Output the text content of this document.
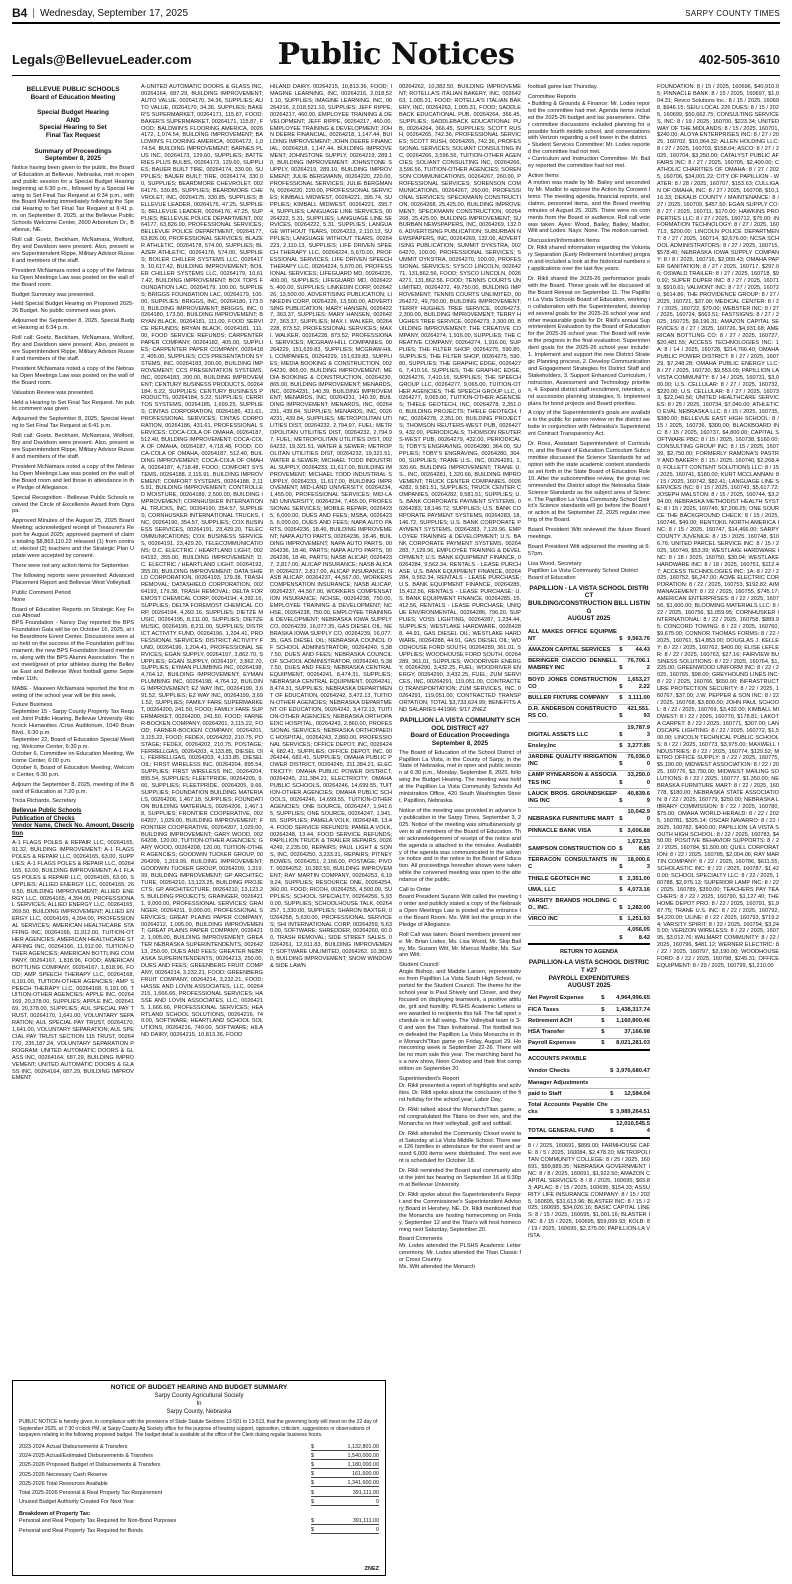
B4 | Wednesday, September 17, 2025	SARPY COUNTY TIMES
Legals@BellevueLeader.com	Public Notices	402-505-3610
BELLEVUE PUBLIC SCHOOLS
Board of Education Meeting

Special Budget Hearing
AND
Special Hearing to Set
Final Tax Request

Summary of Proceedings
September 8, 2025

Notice having been given to the public, the Board of Education at Bellevue, Nebraska, met in open and public session for a Special Budget Hearing beginning at 6:30 p.m., followed by a Special Hearing to Set Final Tax Request at 6:34 p.m., with the Board Meeting immediately following the Special Hearing to Set Final Tax Request at 6:41 p.m. on September 8, 2025, at the Bellevue Public Schools Welcome Center, 2600 Arboretum Dr., Bellevue, NE.

Roll call: Goetz, Beckham, McNamara, Wolford, Bry and Davidson were present. Also, present were Superintendent Rippe, Military Advisor Russell and members of the staff.

President McNamara noted a copy of the Nebraska Open Meetings Law was posted on the wall of the Board room.

Budget Summary was presented.

Held Special Budget Hearing on Proposed 2025-26 Budget. No public comment was given.

Adjourned the September 8, 2025, Special Budget Hearing at 6:34 p.m.

Roll call: Goetz, Beckham, McNamara, Wolford, Bry and Davidson were present. Also, present were Superintendent Rippe, Military Advisor Russell and members of the staff.

President McNamara noted a copy of the Nebraska Open Meetings Law was posted on the wall of the Board room.

Valuation Review was presented.

Held a Hearing to Set Final Tax Request. No public comment was given.

Adjourned the September 8, 2025, Special Hearing to Set Final Tax Request at 6:41 p.m.

Roll call: Goetz, Beckham, McNamara, Wolford, Bry and Davidson were present. Also, present were Superintendent Rippe, Military Advisor Russell and members of the staff.

President McNamara noted a copy of the Nebraska Open Meetings Law was posted on the wall of the Board room and led those in attendance in the Pledge of Allegiance.

Special Recognition - Bellevue Public Schools received the Circle of Excellence Award from Ograpa.

Approved Minutes of the August 25, 2025 Board Meeting; acknowledged receipt of Treasurer's Report for August 2025; approved payment of claims totaling $8,863,110.22 released (1) from contract; elected (2) teachers and the Strategic Plan Update were accepted by consent.

There were not any action items for September.

The following reports were presented: Advanced Placement Report and Bellevue West Volleyball.

Public Comment Period
None

Board of Education Reports on Strategic Key Focus Abroad
BPS Foundation - Nancy Day reported the BPS Foundation Gala will be on October 16, 2025, at the Beardmore Event Center. Discussions were also held on the success of the Foundation golf tournament, the new BPS Foundation board members, along with the BPS Alumni Association. The next meet/greet of prior athletes during the Bellevue East and Bellevue West football game September 11th.

MABE - Maureen McNamara reported the first meeting of the school year will be this week.

Future Business
September 15 - Sarpy County Property Tax Request Joint Public Hearing, Bellevue University Hitchcock Humanities /Criss Auditorium, 1040 Bruin Blvd., 6:30 p.m.
September 22, Board of Education Special Meeting, Welcome Center, 6:30 p.m.
October 6, Committee on Education Meeting, Welcome Center, 6:00 p.m.
October 6, Board of Education Meeting, Welcome Center, 6:30 p.m.

Adjourn the September 8, 2025, meeting of the Board of Education at 7:20 p.m.

Tricia Richards, Secretary

Bellevue Public Schools
Publication of Checks
Vendor Name, Check No. Amount, Description

A-1 FLAGS POLES & REPAIR LLC, 00264165, 91.32, BUILDING IMPROVEMENT; A-1 FLAGS POLES & REPAIR LLC, 00264165, 63.00, SUPPLIES; A-1 FLAGS POLES & REPAIR LLC, 00264165, 63.00, BUILDING IMPROVEMENT; A-1 FLAGS POLES & REPAIR LLC, 00264165, 63.00, SUPPLIES; ALLIED ENERGY LLC, 00264165, 269.50, BUILDING IMPROVEMENT; ALLIED ENERGY LLC, 00264165, 4,394.00, PROFESSIONAL SERVICES; ALLIED ENERGY LLC, 00264165, 269.50, BUILDING IMPROVEMENT; ALLIED ENERGY LLC, 00264165, 4,394.00, PROFESSIONAL SERVICES; AMERICAN HEALTHCARE STAFFING INC, 00264166, 11,912.00, TUITION-OTHER AGENCIES; AMERICAN HEALTHCARE STAFFING INC, 00264166, 11,912.00, TUITION-OTHER AGENCIES; AMERICAN BOTTLING COMPANY, 00264167, 1,818.96, FOOD; AMERICAN BOTTLING COMPANY, 00264167, 1,818.96, FOOD; AMP SPEECH THERAPY LLC, 00264168, 6,191.00, TUITION-OTHER AGENCIES; AMP SPEECH THERAPY LLC, 00264168, 6,191.00, TUITION-OTHER AGENCIES; APPLE INC, 00264169, 20,378.00, SUPPLIES; APPLE INC, 00264169, 20,378.00, SUPPLIES; AUL SPECIAL PAY TRUST, 00264170, 1,641.00, VOLUNTARY SEPARATION; AUL SPECIAL PAY TRUST, 00264170, 1,641.00, VOLUNTARY SEPARATION; AUL SPECIAL PAY TRUST SECTION 115 TRUST, 00264170, 235,187.24, VOLUNTARY SEPARATION PROGRAM; UNITED AUTOMATIC DOORS & GLASS INC, 00264164, 687.29, BUILDING IMPROVEMENT; UNITED AUTOMATIC DOORS & GLASS INC, 00264164, 687.29, BUILDING IMPROVEMENT

A-UNITED AUTOMATIC DOORS & GLASS INC, 00264164, 687.29, BUILDING IMPROVEMENT; AUTO VALUE, 00264170, 34.36, SUPPLIES; AUTO VALUE, 00264170, 34.36, SUPPLIES; BAKER'S SUPERMARKET, 00264171, 115.87, FOOD; BAKER'S SUPERMARKET, 00264171, 115.87, FOOD; BALDWIN'S FLOORING AMERICA, 00264172, 1,074.54, BUILDING IMPROVEMENT; BALDWIN'S FLOORING AMERICA, 00264172, 1,074.54, BUILDING IMPROVEMENT; BARNES PLUS INC, 00264173, 129.60, SUPPLIES; BATTERIES PLUS BULBS, 00264173, 129.60, SUPPLIES; BAUER BUILT TIRE, 00264174, 330.00, SUPPLIES; BAUER BUILT TIRE, 00264174, 330.00, SUPPLIES; BEARDMORE CHEVROLET, 00264175, 330.85, SUPPLIES; BEARDMORE CHEVROLET, INC, 00264175, 330.85, SUPPLIES; BELLEVUE LEADER, 00264176, 47.25, SUPPLIES; BELLEVUE LEADER, 00264176, 47.25, SUPPLIES; BELLEVUE POLICE DEPARTMENT, 00264177, 63,826.00, PROFESSIONAL SERVICES; BELLEVUE POLICE DEPARTMENT, 00264177, 63,826.00, PROFESSIONAL SERVICES; BLAZER ATHLETIC, 00264178, 574.00, SUPPLIES; BLAZER ATHLETIC, 00264178, 574.00, SUPPLIES; BOILER CHILLER SYSTEMS LLC, 00264179, 10,617.42, BUILDING IMPROVEMENT; BOILER CHILLER SYSTEMS LLC, 00264179, 10,617.42, BUILDING IMPROVEMENT; BOX TOPS FOUNDATION LAC, 00264179, 100.00, SUPPLIES; BRIGGS FOUNDATION LAC, 00264179, 100.00, SUPPLIES; BRIGGS, INC, 00264180, 173.50, BUILDING IMPROVEMENT; BRIGGS, INC, 00264180, 173.50, BUILDING IMPROVEMENT; BRYAN BLACK, 00264181, 111.00, FOOD SERVICE REFUNDS; BRYAN BLACK, 00264181, 111.00, FOOD SERVICE REFUNDS; CARPENTER PAPER COMPANY, 00264182, 405.00, SUPPLIES; CARPENTER PAPER COMPANY, 00264182, 405.00, SUPPLIES; CCS PRESENTATION SYSTEMS, INC, 00264183, 200.00, BUILDING IMPROVEMENT; CCS PRESENTATION SYSTEMS, INC, 00264183, 200.00, BUILDING IMPROVEMENT; CENTURY BUSINESS PRODUCTS, 00264184, 5.22, SUPPLIES; CENTURY BUSINESS PRODUCTS, 00264184, 5.22, SUPPLIES; CERRITOS SYSTEMS, 00264185, 1,699.25, SUPPLIES; CINTAS CORPORATION, 00264186, 431.61, PROFESSIONAL SERVICES; CINTAS CORPORATION, 00264186, 431.61, PROFESSIONAL SERVICES; COCA-COLA OF OMAHA, 00264187, 512.40, BUILDING IMPROVEMENT; COCA-COLA OF OMAHA, 00264187, 4,718.48, FOOD; COCA-COLA OF OMAHA, 00264187, 512.40, BUILDING IMPROVEMENT; COCA-COLA OF OMAHA, 00264187, 4,718.48, FOOD; COMFORT SYSTEMS, 00264188, 2,115.91, BUILDING IMPROVEMENT; COMFORT SYSTEMS, 00264188, 2,115.91, BUILDING IMPROVEMENT; CONTROLLED MOISTURE, 00264189, 2,500.00, BUILDING IMPROVEMENT; CORNHUSKER INTERNATIONAL TRUCKS, INC, 00264190, 354.57, SUPPLIES; CORNHUSKER INTERNATIONAL TRUCKS, INC, 00264190, 354.57, SUPPLIES; COX BUSINESS SERVICES, 00264191, 23,429.20, TELECOMMUNICATIONS; COX BUSINESS SERVICES, 00264191, 23,429.20, TELECOMMUNICATIONS; D.C. ELECTRIC / HEARTLAND LIGHT, 00264192, 355.00, BUILDING IMPROVEMENT; D.C. ELECTRIC / HEARTLAND LIGHT, 00264192, 355.00, BUILDING IMPROVEMENT; DATA SHIELD CORPORATION, 00264193, 179.38, TRASH REMOVAL; DATASHIELD CORPORATION, 00264193, 179.38, TRASH REMOVAL; DELTA FOREMOST CHEMICAL CORP, 00264194, 4,392.16, SUPPLIES; DELTA FOREMOST CHEMICAL CORP, 00264194, 4,392.16, SUPPLIES; DIETZE MUSIC, 00264195, 8,211.00, SUPPLIES; DIETZE MUSIC, 00264195, 8,211.00, SUPPLIES; DISTRICT ACTIVITY FUND, 00264196, 1,204.41, PROFESSIONAL SERVICES; DISTRICT ACTIVITY FUND, 00264196, 1,204.41, PROFESSIONAL SERVICES; EGAN SUPPLY, 00264197, 3,862.70, SUPPLIES; EGAN SUPPLY, 00264197, 3,862.70, SUPPLIES; EYMAN PLUMBING INC, 00264198, 4,764.12, BUILDING IMPROVEMENT; EYMAN PLUMBING INC, 00264198, 4,764.12, BUILDING IMPROVEMENT; EZ WAY INC, 00264199, 3,691.52, SUPPLIES; EZ WAY INC, 00264199, 3,691.52, SUPPLIES; FAMILY FARE SUPERMARKET, 00264200, 241.50, FOOD; FAMILY FARE SUPERMARKET, 00264200, 241.50, FOOD; FARNER-BOCKEN COMPANY, 00264201, 3,115.22, FOOD; FARNER-BOCKEN COMPANY, 00264201, 3,115.22, FOOD; FEDEX, 00264202, 210.75, POSTAGE; FEDEX, 00264202, 210.75, POSTAGE; FERRELLGAS, 00264203, 4,133.85, DIESEL OIL; FERRELLGAS, 00264203, 4,133.85, DIESEL OIL; FIRST WIRELESS INC, 00264204, 895.54, SUPPLIES; FIRST WIRELESS INC, 00264204, 895.54, SUPPLIES; FLEETPRIDE, 00264205, 9.66, SUPPLIES; FLEETPRIDE, 00264205, 9.66, SUPPLIES; FOUNDATION BUILDING MATERIALS, 00264206, 1,467.18, SUPPLIES; FOUNDATION BUILDING MATERIALS, 00264206, 1,467.18, SUPPLIES; FRONTIER COOPERATIVE, 00264207, 1,029.00, BUILDING IMPROVEMENT; FRONTIER COOPERATIVE, 00264207, 1,029.00, BUILDING IMPROVEMENT; GARY WOOD, 00264208, 120.00, TUITION-OTHER AGENCIES; GARY WOOD, 00264208, 120.00, TUITION-OTHER AGENCIES; GOODWIN TUCKER GROUP, 00264209, 1,319.99, BUILDING IMPROVEMENT; GOODWIN TUCKER GROUP, 00264209, 1,319.99, BUILDING IMPROVEMENT; GP ARCHITECTURE, 00264210, 13,123.25, BUILDING PROJECTS; GP ARCHITECTURE, 00264210, 13,123.25, BUILDING PROJECTS; GRAINGER, 00264211, 9,000.00, PROFESSIONAL SERVICES; GRAINGER, 00264211, 9,000.00, PROFESSIONAL SERVICES; GREAT PLAINS PAPER COMPANY, 00264212, 1,005.00, BUILDING IMPROVEMENT; GREAT PLAINS PAPER COMPANY, 00264212, 1,005.00, BUILDING IMPROVEMENT; GREATER NEBRASKA SUPERINTENDENTS, 00264213, 250.00, DUES AND FEES; GREATER NEBRASKA SUPERINTENDENTS, 00264213, 250.00, DUES AND FEES; GREENBERG FRUIT COMPANY, 00264214, 3,232.21, FOOD; GREENBERG FRUIT COMPANY, 00264214, 3,232.21, FOOD; HASSE AND LOVIN ASSOCIATES, LLC, 00264215, 1,666.66, PROFESSIONAL SERVICES; HASSE AND LOVIN ASSOCIATES, LLC, 00264215, 1,666.66, PROFESSIONAL SERVICES; HEARTLAND SCHOOL SOLUTIONS, 00264216, 749.00, SOFTWARE; HEARTLAND SCHOOL SOLUTIONS, 00264216, 749.00, SOFTWARE; HILAND DAIRY, 00264215, 10,813.36, FOOD

HILAND DAIRY, 00264215, 10,813.36, FOOD; IMAGINE LEARNING, INC, 00264216, 2,018,521.10, SUPPLIES; IMAGINE LEARNING, INC, 00264216, 2,018,521.10, SUPPLIES; JEFF RIPPE, 00264217, 460.00, EMPLOYEE TRAINING & DEVELOPMENT; JEFF RIPPE, 00264217, 460.00, EMPLOYEE TRAINING & DEVELOPMENT; JOHN DEERE FINANCIAL, 00264218, 1,147.44, BUILDING IMPROVEMENT; JOHN DEERE FINANCIAL, 00264218, 1,147.44, BUILDING IMPROVEMENT; JOHNSTONE SUPPLY, 00264219, 289.10, BUILDING IMPROVEMENT; JOHNSTONE SUPPLY, 00264219, 289.10, BUILDING IMPROVEMENT; JULIE BERGMANN, 00264220, 220.00, PROFESSIONAL SERVICES; JULIE BERGMANN, 00264220, 220.00, PROFESSIONAL SERVICES; KIMBALL MIDWEST, 00264221, 395.74, SUPPLIES; KIMBALL MIDWEST, 00264221, 395.74, SUPPLIES; LANGUAGE LINE SERVICES, 00264222, 5.31, SUPPLIES; LANGUAGE LINE SERVICES, 00264222, 5.31, SUPPLIES; LANGUAGE WITHOUT TEARS, 00264223, 2,110.13, SUPPLIES; LANGUAGE WITHOUT TEARS, 00264223, 2,110.13, SUPPLIES; LIFE DRIVEN SPEECH THERAPY LLC, 00264224, 5,670.00, PROFESSIONAL SERVICES; LIFE DRIVEN SPEECH THERAPY LLC, 00264224, 5,670.00, PROFESSIONAL SERVICES; LIFEGUARD MD, 00264225, 400.00, SUPPLIES; LIFEGUARD MD, 00264225, 400.00, SUPPLIES; LINKEDIN CORP, 00264226, 13,500.00, ADVERTISING PUBLICATION; LINKEDIN CORP, 00264226, 13,500.00, ADVERTISING PUBLICATION; MARY HANSEN, 00264227, 363.37, SUPPLIES; MARY HANSEN, 00264227, 363.37, SUPPLIES; MAX I. WALKER, 00264228, 873.52, PROFESSIONAL SERVICES; MAX I. WALKER, 00264228, 873.52, PROFESSIONAL SERVICES; MCGRAW-HILL COMPANIES, 00264229, 151,639.83, SUPPLIES; MCGRAW-HILL COMPANIES, 00264229, 151,639.83, SUPPLIES; MEDIA BOOKING & CONSTRUCTION, 00264230, 865.00, BUILDING IMPROVEMENT; MEDIA BOOKING & CONSTRUCTION, 00264230, 865.00, BUILDING IMPROVEMENT; MENARDS, INC, 00264231, 140.39, BUILDING IMPROVEMENT; MENARDS, INC, 00264231, 140.39, BUILDING IMPROVEMENT; MENARDS, INC, 00264231, 439.84, SUPPLIES; MENARDS, INC, 00264231, 439.84, SUPPLIES; METROPOLITAN UTILITIES DIST, 00264232, 2,794.97, FUEL; METROPOLITAN UTILITIES DIST, 00264232, 2,794.97, FUEL; METROPOLITAN UTILITIES DIST, 00264232, 19,321.51, WATER & SEWER; METROPOLITAN UTILITIES DIST, 00264232, 19,321.51, WATER & SEWER; MICHAEL TODD INDUSTRIAL SUPPLY, 00264233, 11,617.00, BUILDING IMPROVEMENT; MICHAEL TODD INDUSTRIAL SUPPLY, 00264233, 11,617.00, BUILDING IMPROVEMENT; MID-LAND UNIVERSITY, 00264234, 1,455.00, PROFESSIONAL SERVICES; MID-LAND UNIVERSITY, 00264234, 7,455.00, PROFESSIONAL SERVICES; MOBILE REPAIR, 00264235, 6,000.00, DUES AND FEES; MSBA, 00264235, 6,000.00, DUES AND FEES; NAPA AUTO PARTS, 00264236, 18.46, BUILDING IMPROVEMENT; NAPA AUTO PARTS, 00264236, 18.46, BUILDING IMPROVEMENT; NAPA AUTO PARTS, 00264236, 18.46, PARTS; NAPA AUTO PARTS, 00264236, 18.46, PARTS; NASB ALICAP, 00264237, 2,817.00, ALICAP INSURANCE; NASB ALICAP, 00264237, 2,817.00, ALICAP INSURANCE; NASB ALICAP, 00264237, 44,567.00, WORKERS COMPENSATION INSURANCE; NASB ALICAP, 00264237, 44,567.00, WORKERS COMPENSATION INSURANCE; NCHSE, 00264238, 750.00, EMPLOYEE TRAINING & DEVELOPMENT; NCHSE, 00264238, 750.00, EMPLOYEE TRAINING & DEVELOPMENT; NEBRASKA IOWA SUPPLY CO, 00264239, 16,077.35, GAS DIESEL OIL; NEBRASKA IOWA SUPPLY CO, 00264239, 16,077.35, GAS DIESEL OIL; NEBRASKA COUNCIL OF SCHOOL ADMINISTRATOR, 00264240, 5,387.50, DUES AND FEES; NEBRASKA COUNCIL OF SCHOOL ADMINISTRATOR, 00264240, 5,387.50, DUES AND FEES; NEBRASKA CENTRAL EQUIPMENT, 00264241, 8,474.31, SUPPLIES; NEBRASKA CENTRAL EQUIPMENT, 00264241, 8,474.31, SUPPLIES; NEBRASKA DEPARTMENT OF EDUCATION, 00264242, 3,472.13, TUITION-OTHER AGENCIES; NEBRASKA DEPARTMENT OF EDUCATION, 00264242, 3,472.13, TUITION-OTHER AGENCIES; NEBRASKA ORTHOPAEDIC HOSPITAL, 00264243, 2,860.00, PROFESSIONAL SERVICES; NEBRASKA ORTHOPAEDIC HOSPITAL, 00264243, 2,860.00, PROFESSIONAL SERVICES; OFFICE DEPOT, INC, 00264244, 682.41, SUPPLIES; OFFICE DEPOT, INC, 00264244, 682.41, SUPPLIES; OMAHA PUBLIC POWER DISTRICT, 00264245, 211,384.21, ELECTRICITY; OMAHA PUBLIC POWER DISTRICT, 00264245, 211,384.21, ELECTRICITY; OMAHA PUBLIC SCHOOLS, 00264246, 14,699.55, TUITION-OTHER AGENCIES; OMAHA PUBLIC SCHOOLS, 00264246, 14,699.55, TUITION-OTHER AGENCIES; ONE SOURCE, 00264247, 1,941.65, SUPPLIES; ONE SOURCE, 00264247, 1,941.65, SUPPLIES; PAMELA VOLK, 00264248, 13.44, FOOD SERVICE REFUNDS; PAMELA VOLK, 00264248, 13.44, FOOD SERVICE REFUNDS; PAPILLION TRUCK & TRAILER REPAIRS, 00264249, 2,235.00, REPAIRS; PAUL LIGHT & SONS, INC, 00264250, 3,233.31, REPAIRS; PITNEY BOWES, 00264251, 2,166.00, POSTAGE; PIVOT, 00264252, 10,382.50, BUILDING IMPROVEMENT; RAY MARTIN COMPANY, 00264253, 6,199.24, SUPPLIES; RESOURCE ONE, 00264254, 360.00, FOOD; RICOH, 00264255, 4,500.00, SUPPLIES; SCHOOL SPECIALTY, 00264256, 5,930.00, SUPPLIES; SCHOOLHOUSE TALK, 00264257, 1,330.00, SUPPLIES; SHARON BAXTER, 00264258, 5,630.00, PROFESSIONAL SERVICES; SHI INTERNATIONAL CORP, 00264259, 5,630.00, SOFTWARE; SHREDDER, 00264260, 60.00, TRASH REMOVAL; SIDE STREET SALES, 00264261, 12,911.83, BUILDING IMPROVEMENT; SOFTWARE UNLIMITED, 00264262, 10,382.50, BUILDING IMPROVEMENT; SNOW WINDOW & SIDE LAWN

00264262, 10,382.50, BUILDING IMPROVEMENT; ROTELLA'S ITALIAN BAKERY, INC, 00264263, 1,005.31, FOOD; ROTELLA'S ITALIAN BAKERY, INC, 00264263, 1,005.31, FOOD; SADDLEBACK EDUCATIONAL PUB, 00264264, 366.45, SUPPLIES; SADDLEBACK EDUCATIONAL PUB, 00264264, 366.45, SUPPLIES; SCOTT RUSH, 00264265, 742.36, PROFESSIONAL SERVICES; SCOTT RUSH, 00264265, 742.36, PROFESSIONAL SERVICES; SOLIANT CONSULTING INC, 00264266, 3,596.56, TUITION-OTHER AGENCIES; SOLIANT CONSULTING INC, 00264266, 3,596.56, TUITION-OTHER AGENCIES; SORENSON COMMUNICATIONS, 00264267, 260.00, PROFESSIONAL SERVICES; SORENSON COMMUNICATIONS, 00264267, 260.00, PROFESSIONAL SERVICES; SPECKMANN CONSTRUCTION, 00264268, 25,425.00, BUILDING IMPROVEMENT; SPECKMANN CONSTRUCTION, 00264268, 25,425.00, BUILDING IMPROVEMENT; SUBURBAN NEWSPAPERS, INC, 00264269, 132.06, ADVERTISING PUBLICATION; SUBURBAN NEWSPAPERS, INC, 00264269, 132.06, ADVERTISING PUBLICATION; SUMMIT DYKSTRA, 00264270, 100.00, PROFESSIONAL SERVICES; SUMMIT DYKSTRA, 00264270, 100.00, PROFESSIONAL SERVICES; SYSCO LINCOLN, 00264271, 131,862.56, FOOD; SYSCO LINCOLN, 00264271, 131,862.56, FOOD; TENNIS COURTS UNLIMITED, 00264272, 49,750.00, BUILDING IMPROVEMENT; TENNIS COURTS UNLIMITED, 00264272, 49,750.00, BUILDING IMPROVEMENT; TERRY HUGHES TREE SERVICE, 00264273, 2,300.00, BUILDING IMPROVEMENT; TERRY HUGHES TREE SERVICE, 00264273, 2,300.00, BUILDING IMPROVEMENT; THE CREATIVE COMPANY, 00264274, 1,916.00, SUPPLIES; THE CREATIVE COMPANY, 00264274, 1,916.00, SUPPLIES; THE FILTER SHOP, 00264275, 590.80, SUPPLIES; THE FILTER SHOP, 00264275, 590.80, SUPPLIES; THE GRAPHIC EDGE, 00264276, 7,410.16, SUPPLIES; THE GRAPHIC EDGE, 00264276, 7,410.16, SUPPLIES; THE SPEECH GROUP LLC, 00264277, 9,065.00, TUITION-OTHER AGENCIES; THE SPEECH GROUP LLC, 00264277, 9,065.00, TUITION-OTHER AGENCIES; THIELE GEOTECH, INC, 00264278, 2,351.00, BUILDING PROJECTS; THIELE GEOTECH, INC, 00264278, 2,351.00, BUILDING PROJECTS; THOMSON REUTERS-WEST PUB, 00264279, 432.00, PERIODICALS; THOMSON REUTERS-WEST PUB, 00264279, 432.00, PERIODICALS; TOBY'S ENGRAVING, 00264280, 364.00, SUPPLIES; TOBY'S ENGRAVING, 00264280, 364.00, SUPPLIES; TRANE U.S., INC, 00264281, 1,320.66, BUILDING IMPROVEMENT; TRANE U.S., INC, 00264281, 1,320.66, BUILDING IMPROVEMENT; TRUCK CENTER COMPANIES, 00264282, 9,581.51, SUPPLIES; TRUCK CENTER COMPANIES, 00264282, 9,581.51, SUPPLIES; U.S. BANK CORPORATE PAYMENT SYSTEMS, 00264283, 18,146.72, SUPPLIES; U.S. BANK CORPORATE PAYMENT SYSTEMS, 00264283, 18,146.72, SUPPLIES; U.S. BANK CORPORATE PAYMENT SYSTEMS, 00264283, 7,129.96, EMPLOYEE TRAINING & DEVELOPMENT; U.S. BANK CORPORATE PAYMENT SYSTEMS, 00264283, 7,129.96, EMPLOYEE TRAINING & DEVELOPMENT; U.S. BANK EQUIPMENT FINANCE, 00264284, 9,562.34, RENTALS - LEASE PURCHASE; U.S. BANK EQUIPMENT FINANCE, 00264284, 9,562.34, RENTALS - LEASE PURCHASE; U.S. BANK EQUIPMENT FINANCE, 00264285, 15,412.56, RENTALS - LEASE PURCHASE; U.S. BANK EQUIPMENT FINANCE, 00264285, 15,412.56, RENTALS - LEASE PURCHASE; UNIQUE ENVIRONMENTAL, 00264286, 796.20, SUPPLIES; VOSS LIGHTING, 00264287, 1,234.44, SUPPLIES; WESTLAKE HARDWARE, 00264288, 44.91, GAS DIESEL OIL; WESTLAKE HARDWARE, 00264288, 44.91, GAS DIESEL OIL; WOODHOUSE FORD SOUTH, 00264289, 361.01, SUPPLIES; WOODHOUSE FORD SOUTH, 00264289, 361.01, SUPPLIES; WOODRIVER ENERGY, 00264290, 3,432.25, FUEL; WOODRIVER ENERGY, 00264290, 3,432.25, FUEL; ZUM SERVICES, INC, 00264291, 119,051.00, CONTRACTED TRANSPORTATION; ZUM SERVICES, INC, 00264291, 119,051.00, CONTRACTED TRANSPORTATION; TOTAL $3,733,624.99; BENEFITS AND SALARIES 441966: 9/17 ZNEZ

PAPILLION LA VISTA COMMUNITY SCHOOL DISTRICT #27
Board of Education Proceedings
September 8, 2025

The Board of Education of the School District of Papillion La Vista, in the County of Sarpy, in the State of Nebraska, met in open and public session at 6:30 p.m., Monday, September 8, 2025, following the Budget Hearing. The meeting was held at the Papillion La Vista Community Schools Administration Office, 420 South Washington Street, Papillion, Nebraska.

Notice of the meeting was provided in advance by publication in the Sarpy Times, September 3, 2025. Notice of the meeting was simultaneously given to all members of the Board of Education. Their acknowledgement of receipt of the notice and the agenda is attached to the minutes. Availability of the agenda was communicated in the advance notice and in the notice to the Board of Education. All proceedings hereafter shown were taken while the convened meeting was open to the attendance of the public.

Call to Order
Board President Suzann Witt called the meeting to order and publicly stated a copy of the Nebraska Open Meetings Law is posted at the entrance to the Board Room. Ms. Witt led the group in the Pledge of Allegiance.

Roll Call was taken. Board members present were: Mr. Brian Lodes, Ms. Lisa Wood, Mr. Skip Bailey, Ms. Suzann Witt, Mr. Marcus Madlor, Ms. Suzann Witt.

Student Council
Angie Bishop, and Maddie Larsen, representatives from Papillion La Vista South High School, reported for the Student Council. The theme for the school year is Paul Shively and Clover, and they focused on displaying teamwork, a positive attitude, grit and humility. PLSHS Academic Letters were awarded to recipients this fall. The fall sport schedule is in full swing. The Volleyball team is 3-0 and won the Titan Invitational. The football team defeated the Papillion La Vista Monarchs in the Monarch/Titan game on Friday, August 29. Homecoming week is September 22-26. There will be no mum sale this year. The marching band has a new show, Neon Cowboy and their first competition on September 20.

Superintendent's Report
Dr. Rikli presented a report of highlights and activities. Dr. Rikli spoke about the conclusion of the first holiday for the school year, Labor Day.

Dr. Rikli talked about the Monarch/Titan game, and congratulated the Titans on their win, and the Monarchs on their volleyball, golf and softball.

Dr. Rikli attended the Community Closet event last Saturday at La Vista Middle School. There were 126 families in attendance for the event and around 6,000 items were distributed. The next event is scheduled for October 18.

Dr. Rikli reminded the Board and community about the joint tax hearing on September 16 at 6:30pm at Bellevue University.

Dr. Rikli spoke about the Superintendent's Report and the Commissioner's Superintendent Advisory Board in Hershey, NE. Dr. Rikli mentioned that the Monarchs are hosting homecoming on Friday, September 12 and the Titan's will host homecoming next Saturday, September 20.

Board Comments
Mr. Lodes attended the PLSHS Academic Letter ceremony. Mr. Lodes attended the Titan Classic for Cross Country.
Ms. Witt attended the Monarch

football game last Thursday.

Committee Reports
• Building & Grounds & Finance: Mr. Lodes reported the committee had met. Agenda items included the 2025-26 budget and tax parameters. Other committee discussions included planning for a possible fourth middle school, and conversations with Verizon regarding a cell tower in the district.
• Student Services Committee: Mr. Lodes reported the committee had not met.
• Curriculum and Instruction Committee: Mr. Bailey reported the committee had not met.

Action Items
A motion was made by Mr. Bailey and seconded by Mr. Madlor to approve the Action by Consent Items: The meeting agenda, financial reports, and claims, personnel items, and the Board meeting minutes of August 25, 2025. There were no comments from the Board or audience. Roll call vote was taken. Ayes: Wood, Bailey, Bailey, Madlor, Witt and Lodes. Nays: None. The motion carried.

Discussion/Information Items
Dr. Rikli shared information regarding the Voluntary Separation (Early Retirement Incentive) program and included a look at the historical numbers of applications over the last five years.

Dr. Rikli shared the 2025-26 performance goals with the Board. These goals will be discussed at the Board Retreat on September 11. The Papillion La Vista Schools Board of Education, working in collaboration with the Superintendent, developed several goals for the 2025-26 school year and other measurable goals for Dr. Rikli's annual Superintendent Evaluation by the Board of Education for the 2025-26 school year. The Board will review the progress in the final evaluation. Superintendent goals for the 2025-26 school year include: 1. Implement and support the new District Strategic Planning process, 2. Develop Communication and Engagement Strategies for District Staff and Stakeholders, 3. Support Enhanced Curriculum, Instruction, Assessment and Technology priorities, 4. Expand district staff recruitment, retention, and succession planning strategies, 5. Implement plans for bond projects and Board priorities.

A copy of the Superintendent's goals are available to the public for patron review on the district website in conjunction with Nebraska's Superintendent Contract Transparency Act.

Dr. Ross, Assistant Superintendent of Curriculum, and the Board of Education Curriculum Subcommittee discussed the Science Standards for adoption with the state academic content standards as set forth in the State Board of Education Rule 10. After the subcommittee review, the group recommended the District adopt the Nebraska State Science Standards as the subject area of Science. The Papillion La Vista Community School District's Science standards will go before the Board for action at the September 22, 2025 regular meeting of the Board.

Board President Witt reviewed the future Board meetings.

Board President Witt adjourned the meeting at 6:57pm.

Lisa Wood, Secretary
Papillion La Vista Community School District
Board of Education

PAPILLION - LA VISTA SCHOOL DISTRICT
BUILDING/CONSTRUCTION BILL LISTING
AUGUST 2025
ALL MAKES OFFICE EQUIPMENT	$	9,563.76
AMAZON CAPITAL SERVICES	$	44.43
BERINGER CIACCIO DENNELL MABREY INC	$	76,706.12
BOYD JONES CONSTRUCTION CO	$	1,653,272.22
BULLER FIXTURE COMPANY	$	3,111.00
D.R. ANDERSON CONSTRUCTORS CO.	$	421,551.93
DIGITAL ASSETS LLC	$	19,787.93
Ensley,Inc	$	3,277.85
JARDINE QUALITY IRRIGATION INC	$	76,036.00
LAMP RYNEARSON & ASSOCIATES INC	$	33,250.00
LAUCK BROS. GROUNDSKEEPING INC	$	40,839.69
NEBRASKA FURNITURE MART	$	10,042.90
PINNACLE BANK VISA	$	3,606.88
SAMPSON CONSTRUCTION CO	$	1,672,538.85
TERRACON CONSULTANTS INC	$	18,000.63
THIELE GEOTECH INC	$	2,351.00
UMA, LLC	$	4,073.16
VARSITY BRANDS HOLDING CO., INC.	$	1,282.00
VIRCO INC	$	1,251.93
	$	4,056,058.42

RETURN TO AGENDA

PAPILLION-LA VISTA SCHOOL DISTRICT #27
PAYROLL EXPENDITURES
AUGUST 2025
Net Payroll Expense	$	4,964,996.65
FICA Taxes	$	1,438,317.74
Retirement ACH	$	1,160,800.46
HSA Transfer	$	37,166.98
Payroll Expenses	$	8,021,281.03

ACCOUNTS PAYABLE

Vendor Checks	$	3,976,680.47
Manager Adjustments		
paid to Staff	$	12,584.04
Total Accounts Payable Checks	$	3,989,264.51
TOTAL GENERAL FUND	$	12,010,545.54

8 / / 2025, 160691, $899.00; FARMHOUSE CAFE: 8 / 5 / 2025, 160084, $2,478.20; METROPOLITAN COMMUNITY COLLEGE: 8 / 25 / 2025, 160691, $99,889.35; NEBRASKA GOVERNMENT INC: 8 / 8 / 2025, 160691, $1,922.50; AMAZON CAPITAL SERVICES: 8 / 8 / 2025, 160695, $65.83; APLAC: 8 / 15 / 2025, 160695, $154.33; ASSURITY LIFE INSURANCE COMPANY: 8 / 15 / 2025, 160695, $31,613.96; BLASTER INC: 8 / 15 / 2025, 160695, $34,026.16; BASIC CAPITAL LINES: 8 / 15 / 2025, 160695, $1,001.16; BLASTER INC: 8 / 15 / 2025, 160695, $59,099.93; KOLB: 8 / 19 / 2025, 160695, $2,375.00; PAPILLION-LA VISTA

FOUNDATION: 8 / 15 / 2025, 160696, $40,910.05; PINNACLE BANK: 8 / 15 / 2025, 160697, $1,004.31; Revco Solutions Inc.: 8 / 15 / 2025, 160698, $946.15; SEIU LOCAL 226 DUES: 8 / 15 / 2025, 160699, $50,662.75; CONSULTING SERVICES, INC: 8 / 19 / 2025, 160700, $223.34; UNITED WAY OF THE MIDLANDS: 8 / 15 / 2025, 160701, $240.00; ALOYA ENTERPRISES INC: 8 / 27 / 2025, 160702, $10,964.32; ALLEN HOLDING LLC: 8 / 27 / 2025, 160703, $158.04; ASCO: 8 / 27 / 2025, 160704, $3,250.00; CATALYST PUBLIC AFFAIRS INC: 8 / 27 / 2025, 160705, $2,400.00; CATHOLIC CHARITIES OF OMAHA: 8 / 27 / 2025, 160706, $34,001.22; CITY OF PAPILLION - WATER: 8 / 28 / 2025, 160707, $153.63; CULLIGAN OF OMAHA, INC: 8 / 27 / 2025, 160708, $10,116.33; DEKALB COUNTY / MAINTENANCE: 8 / 27 / 2025, 160709, $457.50; EGAN SUPPLY CO: 8 / 27 / 2025, 160711, $170.00; HAWKINS PROPERTIES LLC: 8 / 27 / 2025, 160712, $75.00; INFORMATION TECHNOLOGY: 8 / 27 / 2025, 160713, $200.00; LINCOLN POLICE DEPARTMENT: 8 / 27 / 2025, 160714, $2,676.00; NCSA SCHOOL ADMINISTRATORS: 8 / 27 / 2025, 160715, $578.40; NEBRASKA IOWA SUPPLY COMPANY: 8 / 8 / 2025, 160716, $2,009.43; OMAHA PAPER SANITATION: 8 / 27 / 2025, 160717, $297.06; OSWALD TRAILER: 8 / 27 / 2025, 160718, $90.92; SUPER DUPER INC: 8 / 27 / 2025, 160719, $910.61; VALMONT INC: 8 / 27 / 2025, 160720, $614.86; THE PROVIDENCE GROUP: 8 / 27 / 2025, 160721, $37.00; MEDICAL CENTER: 8 / 27 / 2025, 160722, $70.00; WEBSTER INC: 8 / 27 / 2025, 160724, $663.51; FASTSIGNS: 8 / 27 / 2025, 160725, $9,196.31; AMAZON CAPITAL SERVICES: 8 / 27 / 2025, 160726, $4,931.68; AMERICAN BOTTLING CO: 8 / 27 / 2025, 160727, $20,481.55; ACCESS TECHNOLOGIES INC: 1A: 8 / 14 / 2025, 160728, $214,766.40; OMAHA PUBLIC POWER DISTRICT: 8 / 27 / 2025, 160729, $7,248.28; OMAHA PUBLIC ENERGY LLC: 8 / 27 / 2025, 160730, $9,553.09; PAPILLION LA VISTA COMMUNITY: 8 / 14 / 2025, 160731, $3,000.00; U.S. CELLULAR: 8 / 27 / 2025, 160732, $220.00; U.S. CELLULAR: 8 / 27 / 2025, 160733, $22,040.56; UNITED HEALTHCARE SERVICES: 8 / 25 / 2025, 160734, $7,040.00; ATHLETICO EVAL NEBRASKA LLC: 8 / 15 / 2025, 160735, $380.00; BELLEVUE EAST HIGH SCHOOL: 8 / 15 / 2025, 160736, $300.00; BLACKBOARD INC: 8 / 15 / 2025, 160737, $4,800.00; CAPITAL SOFTWARE PBC: 8 / 15 / 2025, 160738, $160.00; CONSULTING GROUP INC: 8 / 15 / 2025, 160739, $2,750.00; FORMERLY RAMONA'S PASTRY AND BAKERY: 8 / 15 / 2025, 160740, $2,268.40; FOLLETT CONTENT SOLUTIONS LLC: 8 / 15 / 2025, 160741, $180.00; KURT MCCLANNAN: 8 / 15 / 2025, 160742, $82.41; LANGUAGE LINE SERVICES INC: 8 / 15 / 2025, 160743, $5,617.72; JOSEPH MALSTON: 8 / 15 / 2025, 160744, $3,294.00; NEBRASKA METHODIST HEALTH SYSTE: 8 / 15 / 2025, 160745, $7,206.25; ONE SOURCE THE BACKGROUND CHECK: 8 / 15 / 2025, 160746, $49.00; RENTOKIL NORTH AMERICA INC: 8 / 15 / 2025, 160747, $14,466.00; SARPY COUNTY JUVENILE: 8 / 15 / 2025, 160748, $106.76; UNITED PARCEL SERVICE INC: 8 / 15 / 2025, 160749, $53.39; WESTLAKE HARDWARE INC: 8 / 18 / 2025, 160750, $30.04; WESTLAKE HARDWARE INC: 8 / 18 / 2025, 160751, $112.47; ACCESS TECHNOLOGIES INC: 1A: 8 / 22 / 2025, 160752, $6,247.00; ACME ELECTRIC CORPORATION: 8 / 22 / 2025, 160753, $192.82; AIM MANAGEMENT: 8 / 22 / 2025, 160755, $745.17; AMERICAN ENTERPRISES: 8 / 22 / 2025, 160756, $1,600.00; BLOOMING MATERIALS LLC: 8 / 22 / 2025, 160756, $1,059.95; CORNHUSKER INTERNATIONAL: 8 / 22 / 2025, 160758, $889.95; CONCORD TOWING: 8 / 22 / 2025, 160760, $9,675.00; CONNOR THOMAS FORMS: 8 / 22 / 2025, 160761, $14,853.00; DOUGLAS J. KELLEY: 8 / 22 / 2025, 160762, $400.00; ELISE LEFLER: 8 / 22 / 2025, 160763, $27.16; FAIRVIEW BUSINESS SOLUTIONS: 8 / 22 / 2025, 160764, $1,225.00; GREENWOOD UNIFORM INC: 8 / 22 / 2025, 160765, $98.00; GREYHOUND LINES INC: 8 / 22 / 2025, 160766, $650.00; INFRASTRUCTURE PROTECTION SECURITY: 8 / 22 / 2025, 160767, $37.00; J.W. PEPPER & SON INC: 8 / 22 / 2025, 160768, $3,800.00; JOHN PAUL SCHOOL: 8 / 22 / 2025, 160769, $3,432.00; KIMBALL MIDWEST: 8 / 22 / 2025, 160770, $178.81; LAKOTA CARPET: 8 / 22 / 2025, 160771, $307.00; LANDSCAPE LIGHTING: 8 / 22 / 2025, 160772, $1,500.00; LINCOLN TECHNICAL PUBLIC SCHOOLS: 8 / 22 / 2025, 160773, $3,975.00; MAXWELL INDUSTRIES: 8 / 22 / 2025, 160774, $129.52; METRO OFFICE SUPPLY: 8 / 22 / 2025, 160775, $5,190.00; MIDWEST ASSOCIATION: 8 / 22 / 2025, 160776, $3,750.00; MIDWEST MAILING SOLUTIONS: 8 / 22 / 2025, 160777, $1,350.00; NEBRASKA FURNITURE MART: 8 / 22 / 2025, 160778, $180.00; NEBRASKA STATE ASSOCIATION: 8 / 22 / 2025, 160779, $250.00; NEBRASKA LIBRARY COMMISSION: 8 / 22 / 2025, 160780, $75.00; OMAHA WORLD-HERALD: 8 / 22 / 2025, 160781, $325.14; OSCAR NAVARRO: 8 / 22 / 2025, 160782, $400.00; PAPILLION LA VISTA SOUTH HIGH SCHOOL: 8 / 22 / 2025, 160783, $450.00; POSITIVE BEHAVIOR SUPPORTS: 8 / 22 / 2025, 160784, $1,500.00; QUILL CORPORATION: 8 / 22 / 2025, 160785, $2,004.06; RAY MARTIN COMPANY: 8 / 22 / 2025, 160786, $611.55; SCHOLASTIC INC: 8 / 22 / 2025, 160787, $1,420.00; SCHOOL SPECIALTY LLC: 8 / 22 / 2025, 160788, $2,975.13; SUPERIOR LAMP INC: 8 / 22 / 2025, 160789, $350.00; TEACHERS PAY TEACHERS: 8 / 22 / 2025, 160790, $1,127.40; THE HOME DEPOT PRO: 8 / 22 / 2025, 160791, $1,987.75; TRANE U.S. INC: 8 / 22 / 2025, 160792, $4,220.00; ULINE: 8 / 22 / 2025, 160793, $719.24; VARSITY SPIRIT: 8 / 22 / 2025, 160794, $3,245.00; VERIZON WIRELESS: 8 / 22 / 2025, 160795, $3,012.76; WALMART COMMUNITY: 8 / 22 / 2025, 160796, $481.12; WERNER ELECTRIC: 8 / 22 / 2025, 160797, $2,190.00; WOODHOUSE FORD: 8 / 22 / 2025, 160798, $245.31; OFFICE EQUIPMENT: 8 / 29 / 2025, 160799, $1,210.00

NOTICE OF BUDGET HEARING AND BUDGET SUMMARY
Sarpy County Agricultural Society
In
Sarpy County, Nebraska
PUBLIC NOTICE is hereby given, in compliance with the provisions of State Statute Sections 13-501 to 13-513, that the governing body will meet on the 22 day of September 2025, at 7:30 o'clock PM, at Sarpy County Ag Society office for the purpose of hearing support, opposition, criticism, suggestions or observations of taxpayers relating to the following proposed budget. The budget detail is available at the office of the Clerk during regular business hours.
2023-2024 Actual Disbursements & Transfers	$	1,132,801.00
2024-2025 Actual/Estimated Disbursements & Transfers	$	1,540,000.00
2025-2026 Proposed Budget of Disbursements & Transfers	$	1,180,000.00
2025-2026 Necessary Cash Reserve	$	161,600.00
2025-2026 Total Resources Available	$	1,341,600.00
Total 2025-2026 Personal & Real Property Tax Requirement	$	391,111.00
Unused Budget Authority Created For Next Year	$	0
Breakdown of Property Tax:
Personal and Real Property Tax Required for Non-Bond Purposes	$	391,111.00
Personal and Real Property Tax Required for Bonds	$	0
ZNEZ
